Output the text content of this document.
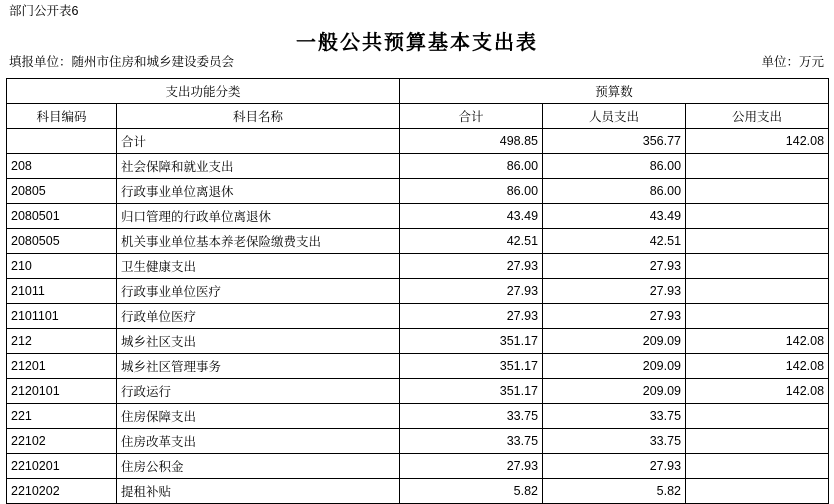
部门公开表6
一般公共预算基本支出表
填报单位：随州市住房和城乡建设委员会	单位：万元
支出功能分类		预算数		
科目编码	科目名称	合计	人员支出	公用支出
	合计	498.85	356.77	142.08
208	社会保障和就业支出	86.00	86.00	
20805	行政事业单位离退休	86.00	86.00	
2080501	归口管理的行政单位离退休	43.49	43.49	
2080505	机关事业单位基本养老保险缴费支出	42.51	42.51	
210	卫生健康支出	27.93	27.93	
21011	行政事业单位医疗	27.93	27.93	
2101101	行政单位医疗	27.93	27.93	
212	城乡社区支出	351.17	209.09	142.08
21201	城乡社区管理事务	351.17	209.09	142.08
2120101	行政运行	351.17	209.09	142.08
221	住房保障支出	33.75	33.75	
22102	住房改革支出	33.75	33.75	
2210201	住房公积金	27.93	27.93	
2210202	提租补贴	5.82	5.82	
